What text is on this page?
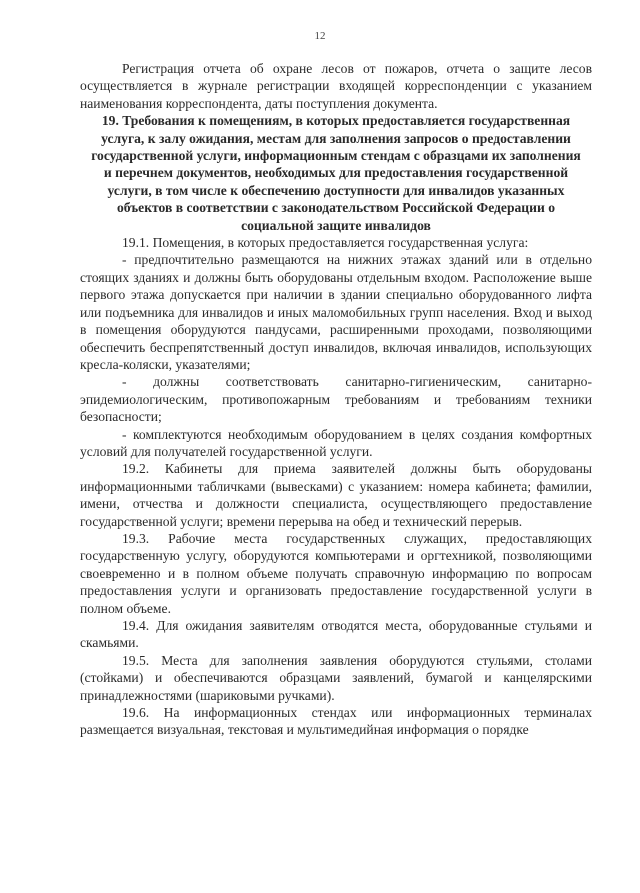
12

Регистрация отчета об охране лесов от пожаров, отчета о защите лесов осуществляется в журнале регистрации входящей корреспонденции с указанием наименования корреспондента, даты поступления документа.

19. Требования к помещениям, в которых предоставляется государственная услуга, к залу ожидания, местам для заполнения запросов о предоставлении государственной услуги, информационным стендам с образцами их заполнения и перечнем документов, необходимых для предоставления государственной услуги, в том числе к обеспечению доступности для инвалидов указанных объектов в соответствии с законодательством Российской Федерации о социальной защите инвалидов

19.1. Помещения, в которых предоставляется государственная услуга:

- предпочтительно размещаются на нижних этажах зданий или в отдельно стоящих зданиях и должны быть оборудованы отдельным входом. Расположение выше первого этажа допускается при наличии в здании специально оборудованного лифта или подъемника для инвалидов и иных маломобильных групп населения. Вход и выход в помещения оборудуются пандусами, расширенными проходами, позволяющими обеспечить беспрепятственный доступ инвалидов, включая инвалидов, использующих кресла-коляски, указателями;

- должны соответствовать санитарно-гигиеническим, санитарно-эпидемиологическим, противопожарным требованиям и требованиям техники безопасности;

- комплектуются необходимым оборудованием в целях создания комфортных условий для получателей государственной услуги.

19.2. Кабинеты для приема заявителей должны быть оборудованы информационными табличками (вывесками) с указанием: номера кабинета; фамилии, имени, отчества и должности специалиста, осуществляющего предоставление государственной услуги; времени перерыва на обед и технический перерыв.

19.3. Рабочие места государственных служащих, предоставляющих государственную услугу, оборудуются компьютерами и оргтехникой, позволяющими своевременно и в полном объеме получать справочную информацию по вопросам предоставления услуги и организовать предоставление государственной услуги в полном объеме.

19.4. Для ожидания заявителям отводятся места, оборудованные стульями и скамьями.

19.5. Места для заполнения заявления оборудуются стульями, столами (стойками) и обеспечиваются образцами заявлений, бумагой и канцелярскими принадлежностями (шариковыми ручками).

19.6. На информационных стендах или информационных терминалах размещается визуальная, текстовая и мультимедийная информация о порядке
